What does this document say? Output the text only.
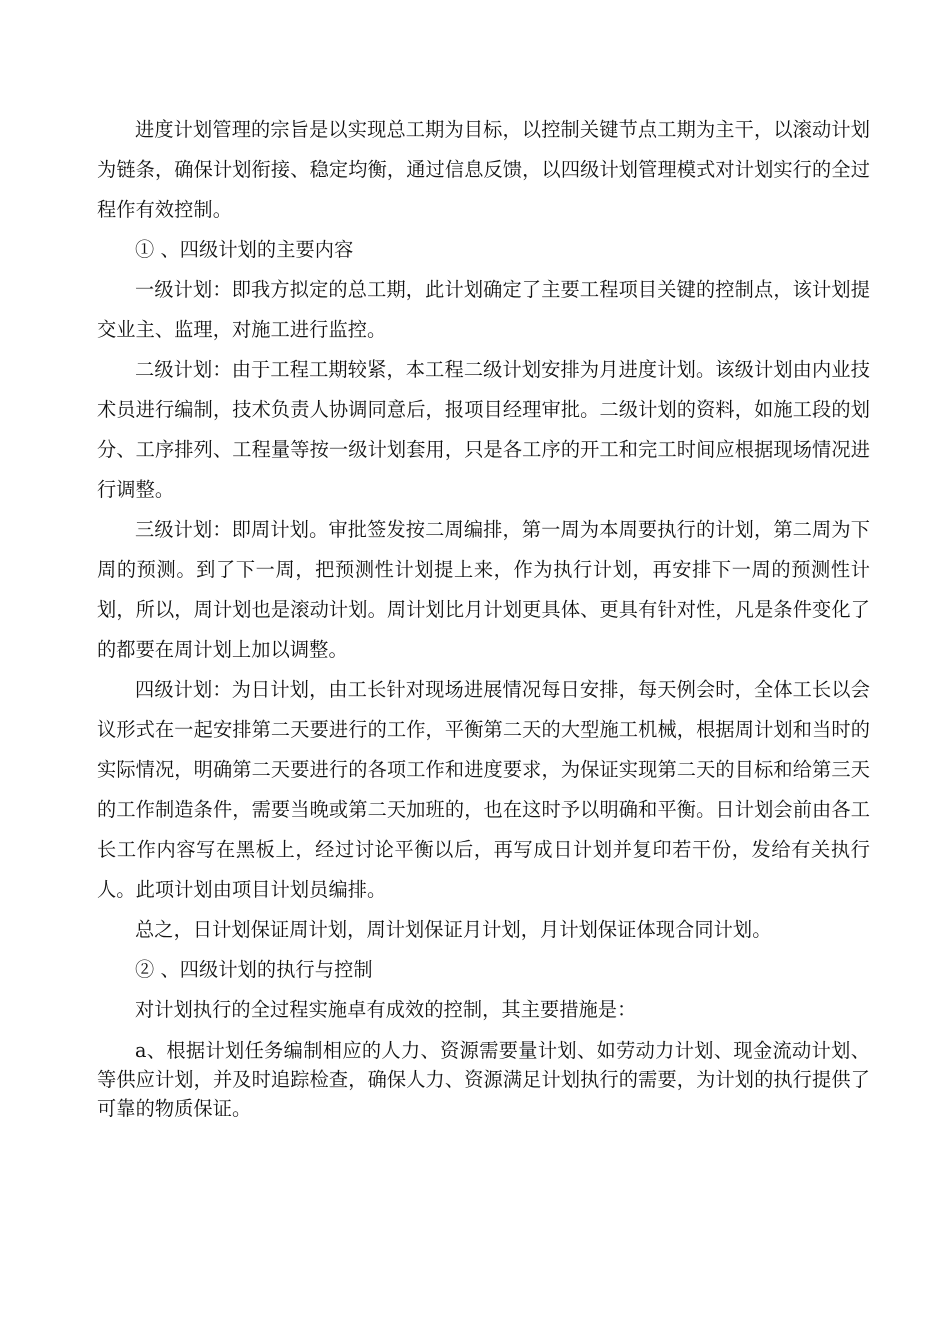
进度计划管理的宗旨是以实现总工期为目标，以控制关键节点工期为主干，以滚动计划为链条，确保计划衔接、稳定均衡，通过信息反馈，以四级计划管理模式对计划实行的全过程作有效控制。

① 、四级计划的主要内容

一级计划：即我方拟定的总工期，此计划确定了主要工程项目关键的控制点，该计划提交业主、监理，对施工进行监控。

二级计划：由于工程工期较紧，本工程二级计划安排为月进度计划。该级计划由内业技术员进行编制，技术负责人协调同意后，报项目经理审批。二级计划的资料，如施工段的划分、工序排列、工程量等按一级计划套用，只是各工序的开工和完工时间应根据现场情况进行调整。

三级计划：即周计划。审批签发按二周编排，第一周为本周要执行的计划，第二周为下周的预测。到了下一周，把预测性计划提上来，作为执行计划，再安排下一周的预测性计划，所以，周计划也是滚动计划。周计划比月计划更具体、更具有针对性，凡是条件变化了的都要在周计划上加以调整。

四级计划：为日计划，由工长针对现场进展情况每日安排，每天例会时，全体工长以会议形式在一起安排第二天要进行的工作，平衡第二天的大型施工机械，根据周计划和当时的实际情况，明确第二天要进行的各项工作和进度要求，为保证实现第二天的目标和给第三天的工作制造条件，需要当晚或第二天加班的，也在这时予以明确和平衡。日计划会前由各工长工作内容写在黑板上，经过讨论平衡以后，再写成日计划并复印若干份，发给有关执行人。此项计划由项目计划员编排。

总之，日计划保证周计划，周计划保证月计划，月计划保证体现合同计划。

② 、四级计划的执行与控制

对计划执行的全过程实施卓有成效的控制，其主要措施是：

a、根据计划任务编制相应的人力、资源需要量计划、如劳动力计划、现金流动计划、等供应计划，并及时追踪检查，确保人力、资源满足计划执行的需要，为计划的执行提供了可靠的物质保证。
